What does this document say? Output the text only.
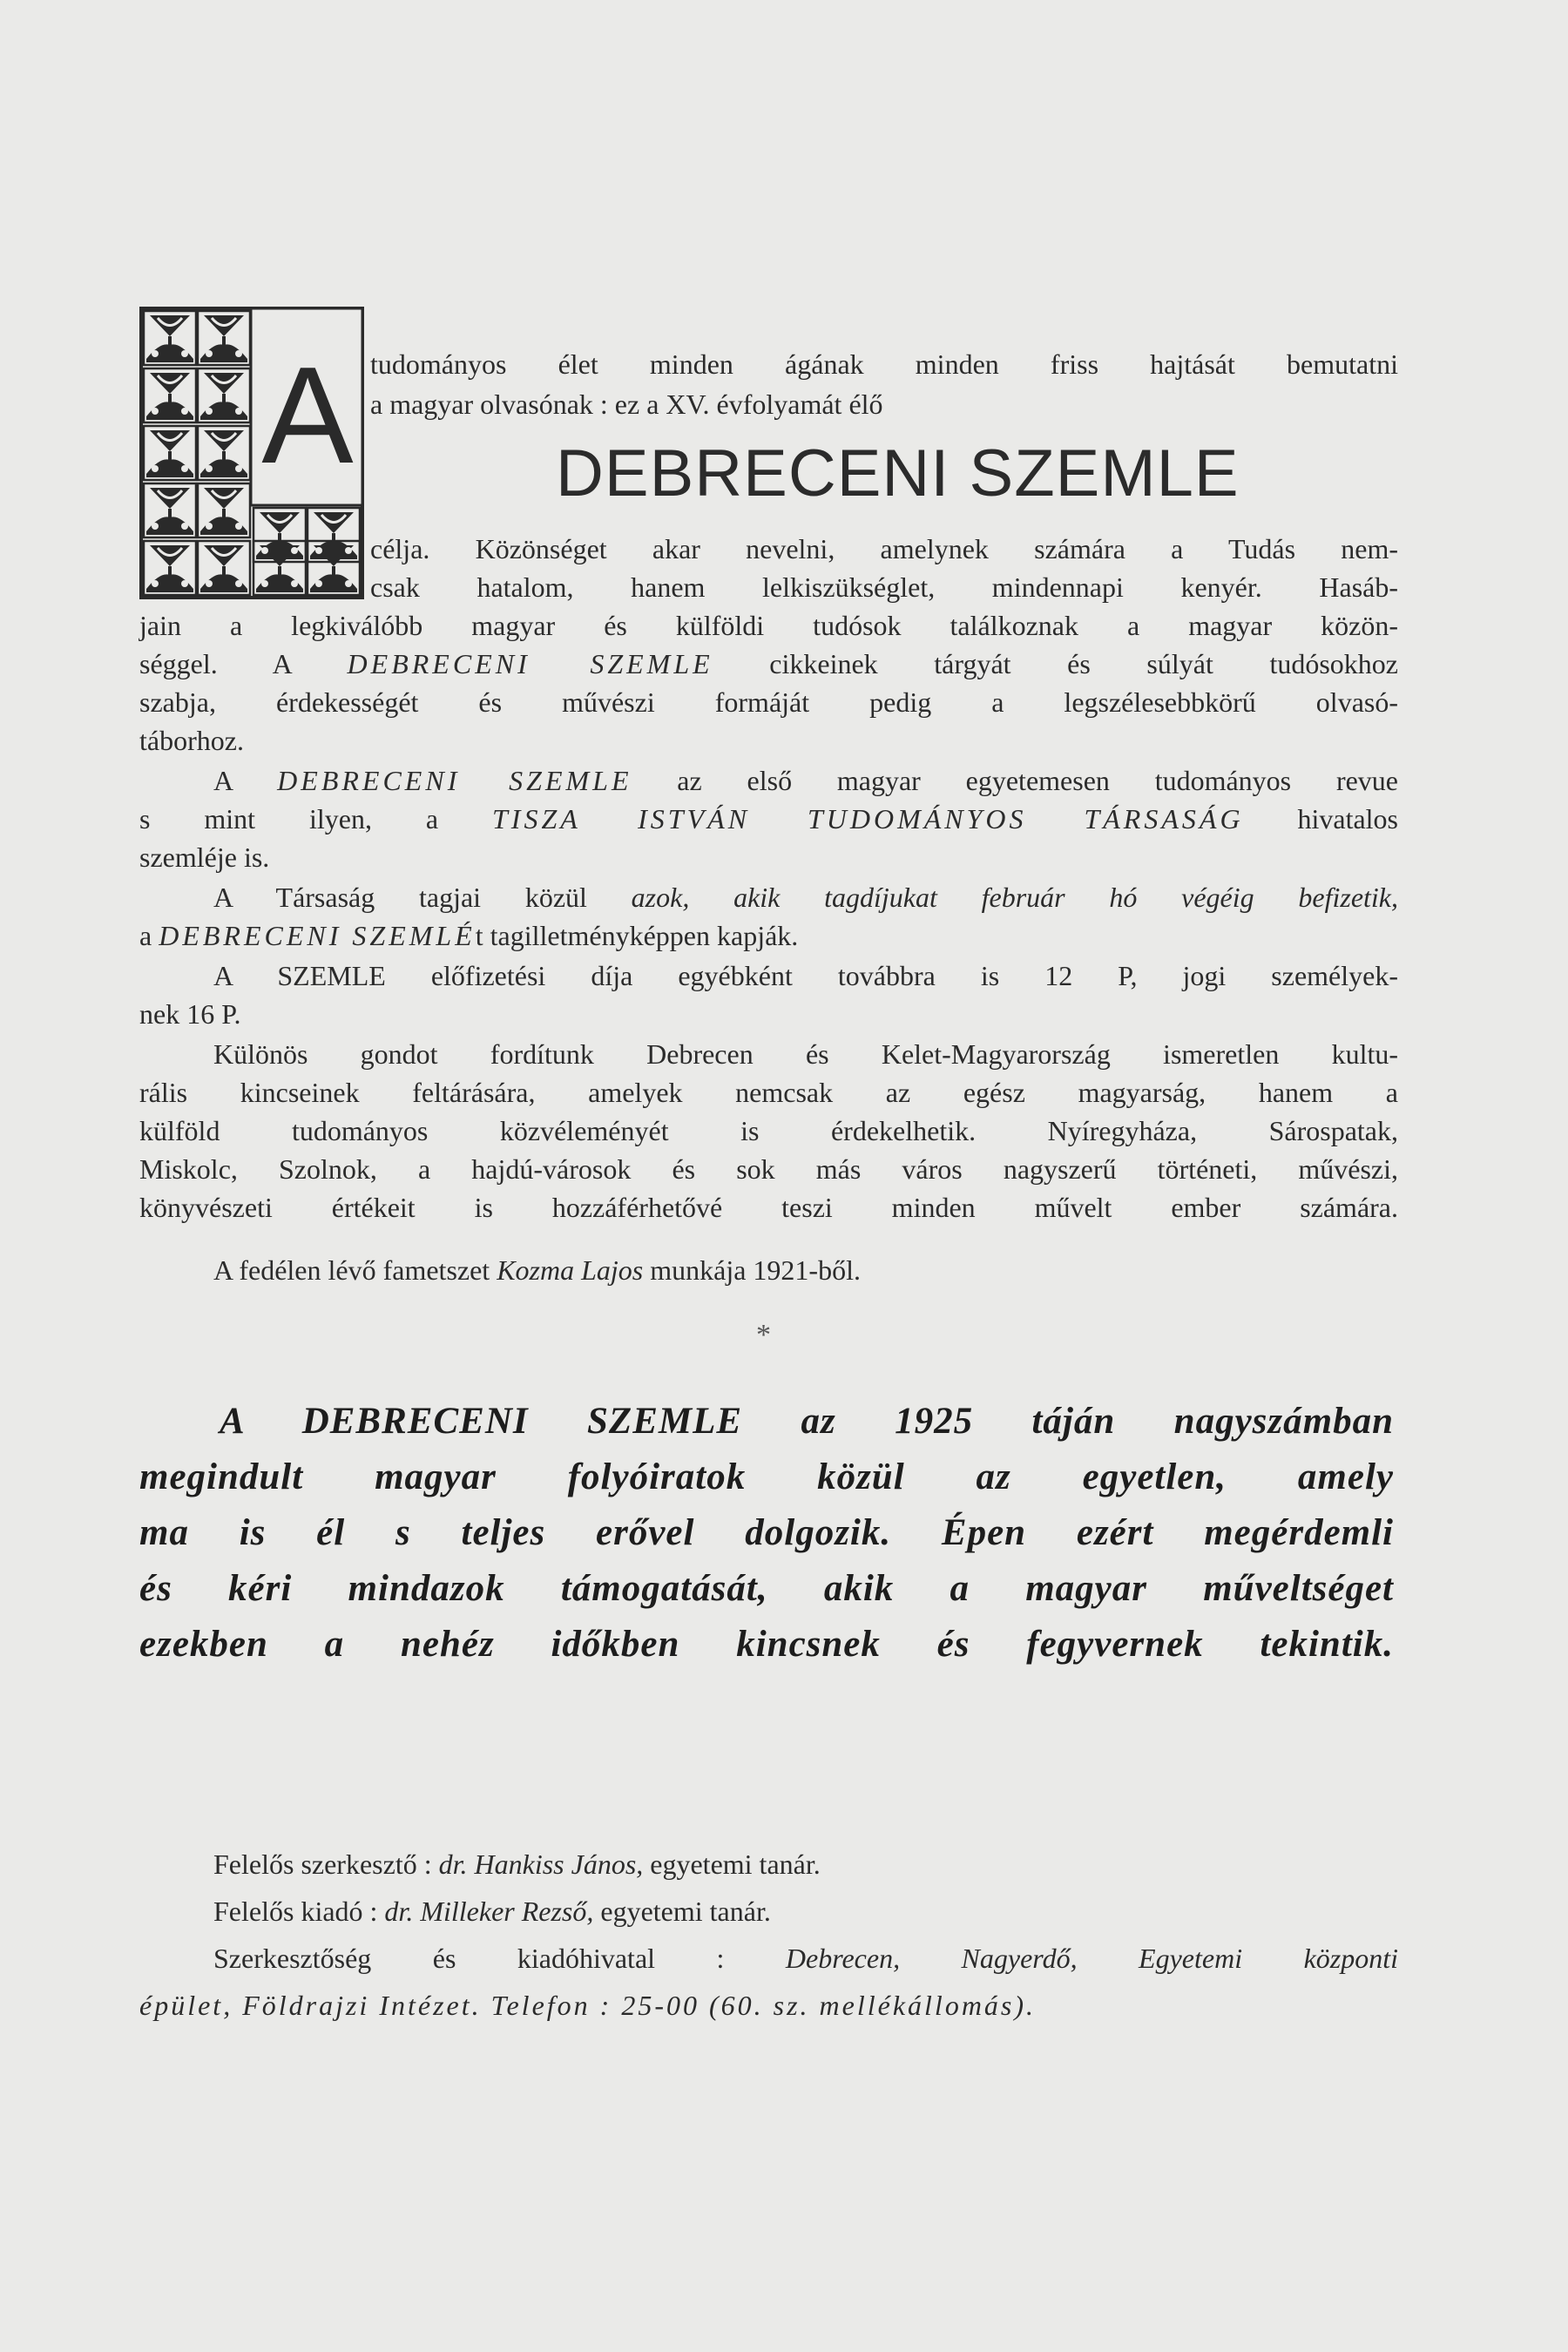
A tudományos élet minden ágának minden friss hajtását bemutatni
a magyar olvasónak : ez a XV. évfolyamát élő
DEBRECENI SZEMLE
célja. Közönséget akar nevelni, amelynek számára a Tudás nem-
csak hatalom, hanem lelkiszükséglet, mindennapi kenyér. Hasáb-
jain a legkiválóbb magyar és külföldi tudósok találkoznak a magyar közön-
séggel. A DEBRECENI SZEMLE cikkeinek tárgyát és súlyát tudósokhoz
szabja, érdekességét és művészi formáját pedig a legszélesebbkörű olvasó-
táborhoz.
A DEBRECENI SZEMLE az első magyar egyetemesen tudományos revue
s mint ilyen, a TISZA ISTVÁN TUDOMÁNYOS TÁRSASÁG hivatalos
szemléje is.
A Társaság tagjai közül azok, akik tagdíjukat február hó végéig befizetik,
a DEBRECENI SZEMLÉt tagilletményképpen kapják.
A SZEMLE előfizetési díja egyébként továbbra is 12 P, jogi személyek-
nek 16 P.
Különös gondot fordítunk Debrecen és Kelet-Magyarország ismeretlen kultu-
rális kincseinek feltárására, amelyek nemcsak az egész magyarság, hanem a
külföld tudományos közvéleményét is érdekelhetik. Nyíregyháza, Sárospatak,
Miskolc, Szolnok, a hajdú-városok és sok más város nagyszerű történeti, művészi,
könyvészeti értékeit is hozzáférhetővé teszi minden művelt ember számára.
A fedélen lévő fametszet Kozma Lajos munkája 1921-ből.
*
A DEBRECENI SZEMLE az 1925 táján nagyszámban
megindult magyar folyóiratok közül az egyetlen, amely
ma is él s teljes erővel dolgozik. Épen ezért megérdemli
és kéri mindazok támogatását, akik a magyar műveltséget
ezekben a nehéz időkben kincsnek és fegyvernek tekintik.
Felelős szerkesztő : dr. Hankiss János, egyetemi tanár.
Felelős kiadó : dr. Milleker Rezső, egyetemi tanár.
Szerkesztőség és kiadóhivatal : Debrecen, Nagyerdő, Egyetemi központi
épület, Földrajzi Intézet. Telefon : 25-00 (60. sz. mellékállomás).
